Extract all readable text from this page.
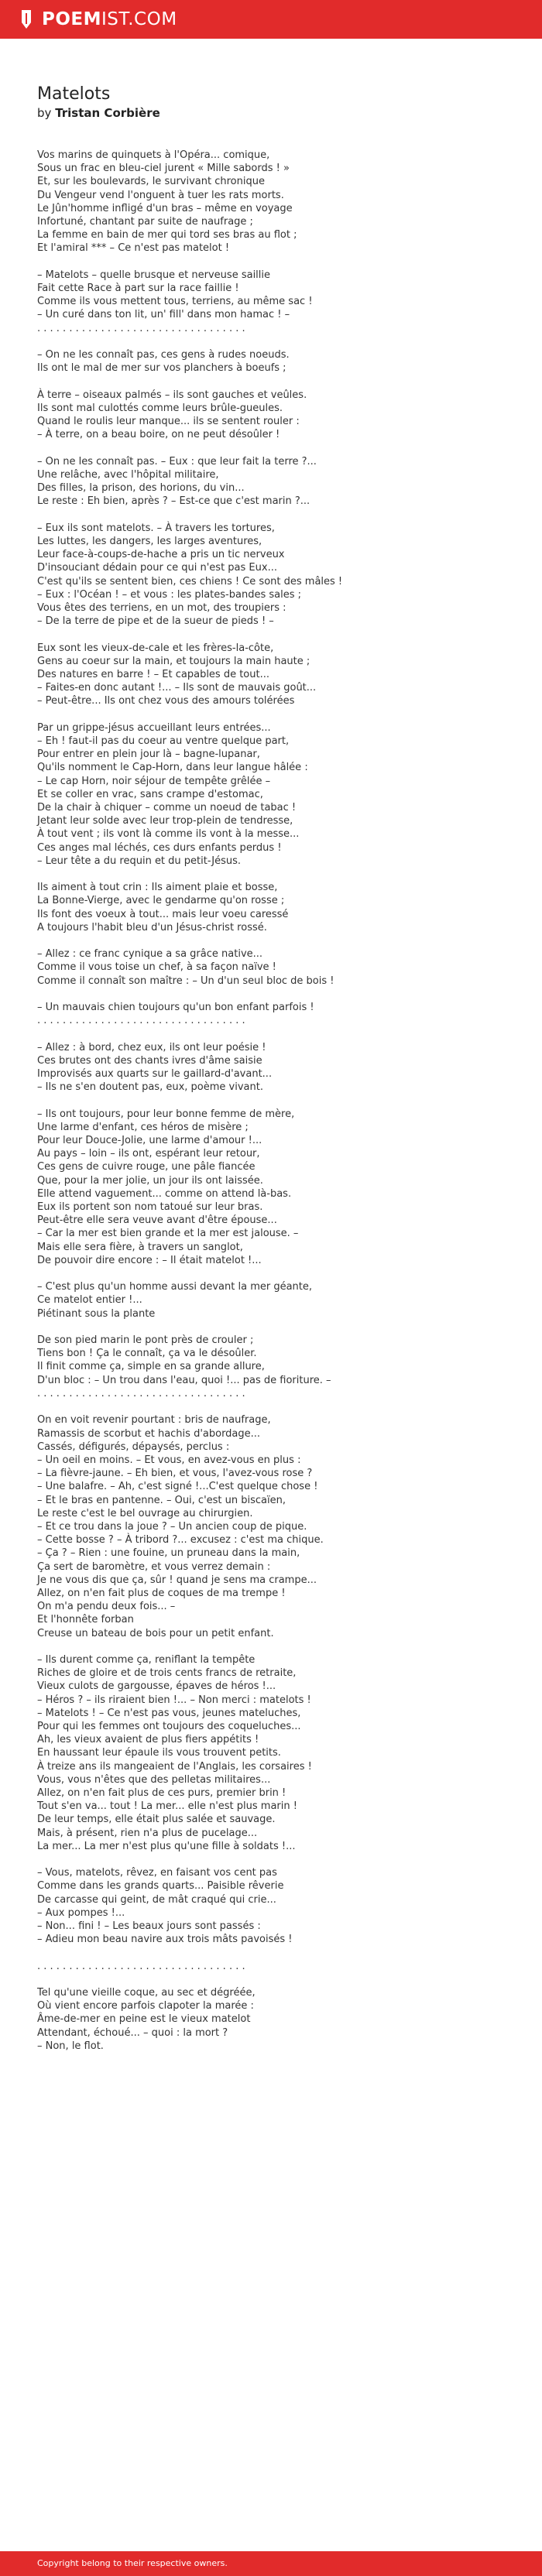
POEMIST.COM
Matelots

by Tristan Corbière

Vos marins de quinquets à l'Opéra... comique,
Sous un frac en bleu-ciel jurent « Mille sabords ! »
Et, sur les boulevards, le survivant chronique
Du Vengeur vend l'onguent à tuer les rats morts.
Le Jûn'homme infligé d'un bras – même en voyage
Infortuné, chantant par suite de naufrage ;
La femme en bain de mer qui tord ses bras au flot ;
Et l'amiral *** – Ce n'est pas matelot !

– Matelots – quelle brusque et nerveuse saillie
Fait cette Race à part sur la race faillie !
Comme ils vous mettent tous, terriens, au même sac !
– Un curé dans ton lit, un' fill' dans mon hamac ! –
. . . . . . . . . . . . . . . . . . . . . . . . . . . . . . . . .

– On ne les connaît pas, ces gens à rudes noeuds.
Ils ont le mal de mer sur vos planchers à boeufs ;

À terre – oiseaux palmés – ils sont gauches et veûles.
Ils sont mal culottés comme leurs brûle-gueules.
Quand le roulis leur manque... ils se sentent rouler :
– À terre, on a beau boire, on ne peut désoûler !

– On ne les connaît pas. – Eux : que leur fait la terre ?...
Une relâche, avec l'hôpital militaire,
Des filles, la prison, des horions, du vin...
Le reste : Eh bien, après ? – Est-ce que c'est marin ?...

– Eux ils sont matelots. – À travers les tortures,
Les luttes, les dangers, les larges aventures,
Leur face-à-coups-de-hache a pris un tic nerveux
D'insouciant dédain pour ce qui n'est pas Eux...
C'est qu'ils se sentent bien, ces chiens ! Ce sont des mâles !
– Eux : l'Océan ! – et vous : les plates-bandes sales ;
Vous êtes des terriens, en un mot, des troupiers :
– De la terre de pipe et de la sueur de pieds ! –

Eux sont les vieux-de-cale et les frères-la-côte,
Gens au coeur sur la main, et toujours la main haute ;
Des natures en barre ! – Et capables de tout...
– Faites-en donc autant !... – Ils sont de mauvais goût...
– Peut-être... Ils ont chez vous des amours tolérées

Par un grippe-jésus accueillant leurs entrées...
– Eh ! faut-il pas du coeur au ventre quelque part,
Pour entrer en plein jour là – bagne-lupanar,
Qu'ils nomment le Cap-Horn, dans leur langue hâlée :
– Le cap Horn, noir séjour de tempête grêlée –
Et se coller en vrac, sans crampe d'estomac,
De la chair à chiquer – comme un noeud de tabac !
Jetant leur solde avec leur trop-plein de tendresse,
À tout vent ; ils vont là comme ils vont à la messe...
Ces anges mal léchés, ces durs enfants perdus !
– Leur tête a du requin et du petit-Jésus.

Ils aiment à tout crin : Ils aiment plaie et bosse,
La Bonne-Vierge, avec le gendarme qu'on rosse ;
Ils font des voeux à tout... mais leur voeu caressé
A toujours l'habit bleu d'un Jésus-christ rossé.

– Allez : ce franc cynique a sa grâce native...
Comme il vous toise un chef, à sa façon naïve !
Comme il connaît son maître : – Un d'un seul bloc de bois !

– Un mauvais chien toujours qu'un bon enfant parfois !
. . . . . . . . . . . . . . . . . . . . . . . . . . . . . . . . .

– Allez : à bord, chez eux, ils ont leur poésie !
Ces brutes ont des chants ivres d'âme saisie
Improvisés aux quarts sur le gaillard-d'avant...
– Ils ne s'en doutent pas, eux, poème vivant.

– Ils ont toujours, pour leur bonne femme de mère,
Une larme d'enfant, ces héros de misère ;
Pour leur Douce-Jolie, une larme d'amour !...
Au pays – loin – ils ont, espérant leur retour,
Ces gens de cuivre rouge, une pâle fiancée
Que, pour la mer jolie, un jour ils ont laissée.
Elle attend vaguement... comme on attend là-bas.
Eux ils portent son nom tatoué sur leur bras.
Peut-être elle sera veuve avant d'être épouse...
– Car la mer est bien grande et la mer est jalouse. –
Mais elle sera fière, à travers un sanglot,
De pouvoir dire encore : – Il était matelot !...

– C'est plus qu'un homme aussi devant la mer géante,
Ce matelot entier !...
Piétinant sous la plante

De son pied marin le pont près de crouler ;
Tiens bon ! Ça le connaît, ça va le désoûler.
Il finit comme ça, simple en sa grande allure,
D'un bloc : – Un trou dans l'eau, quoi !... pas de fioriture. –
. . . . . . . . . . . . . . . . . . . . . . . . . . . . . . . . .

On en voit revenir pourtant : bris de naufrage,
Ramassis de scorbut et hachis d'abordage...
Cassés, défigurés, dépaysés, perclus :
– Un oeil en moins. – Et vous, en avez-vous en plus :
– La fièvre-jaune. – Eh bien, et vous, l'avez-vous rose ?
– Une balafre. – Ah, c'est signé !...C'est quelque chose !
– Et le bras en pantenne. – Oui, c'est un biscaïen,
Le reste c'est le bel ouvrage au chirurgien.
– Et ce trou dans la joue ? – Un ancien coup de pique.
– Cette bosse ? – À tribord ?... excusez : c'est ma chique.
– Ça ? – Rien : une fouine, un pruneau dans la main,
Ça sert de baromètre, et vous verrez demain :
Je ne vous dis que ça, sûr ! quand je sens ma crampe...
Allez, on n'en fait plus de coques de ma trempe !
On m'a pendu deux fois... –
Et l'honnête forban
Creuse un bateau de bois pour un petit enfant.

– Ils durent comme ça, reniflant la tempête
Riches de gloire et de trois cents francs de retraite,
Vieux culots de gargousse, épaves de héros !...
– Héros ? – ils riraient bien !... – Non merci : matelots !
– Matelots ! – Ce n'est pas vous, jeunes mateluches,
Pour qui les femmes ont toujours des coqueluches...
Ah, les vieux avaient de plus fiers appétits !
En haussant leur épaule ils vous trouvent petits.
À treize ans ils mangeaient de l'Anglais, les corsaires !
Vous, vous n'êtes que des pelletas militaires...
Allez, on n'en fait plus de ces purs, premier brin !
Tout s'en va... tout ! La mer... elle n'est plus marin !
De leur temps, elle était plus salée et sauvage.
Mais, à présent, rien n'a plus de pucelage...
La mer... La mer n'est plus qu'une fille à soldats !...

– Vous, matelots, rêvez, en faisant vos cent pas
Comme dans les grands quarts... Paisible rêverie
De carcasse qui geint, de mât craqué qui crie...
– Aux pompes !...
– Non... fini ! – Les beaux jours sont passés :
– Adieu mon beau navire aux trois mâts pavoisés !

. . . . . . . . . . . . . . . . . . . . . . . . . . . . . . . . .

Tel qu'une vieille coque, au sec et dégréée,
Où vient encore parfois clapoter la marée :
Âme-de-mer en peine est le vieux matelot
Attendant, échoué... – quoi : la mort ?
– Non, le flot.

Copyright belong to their respective owners.
